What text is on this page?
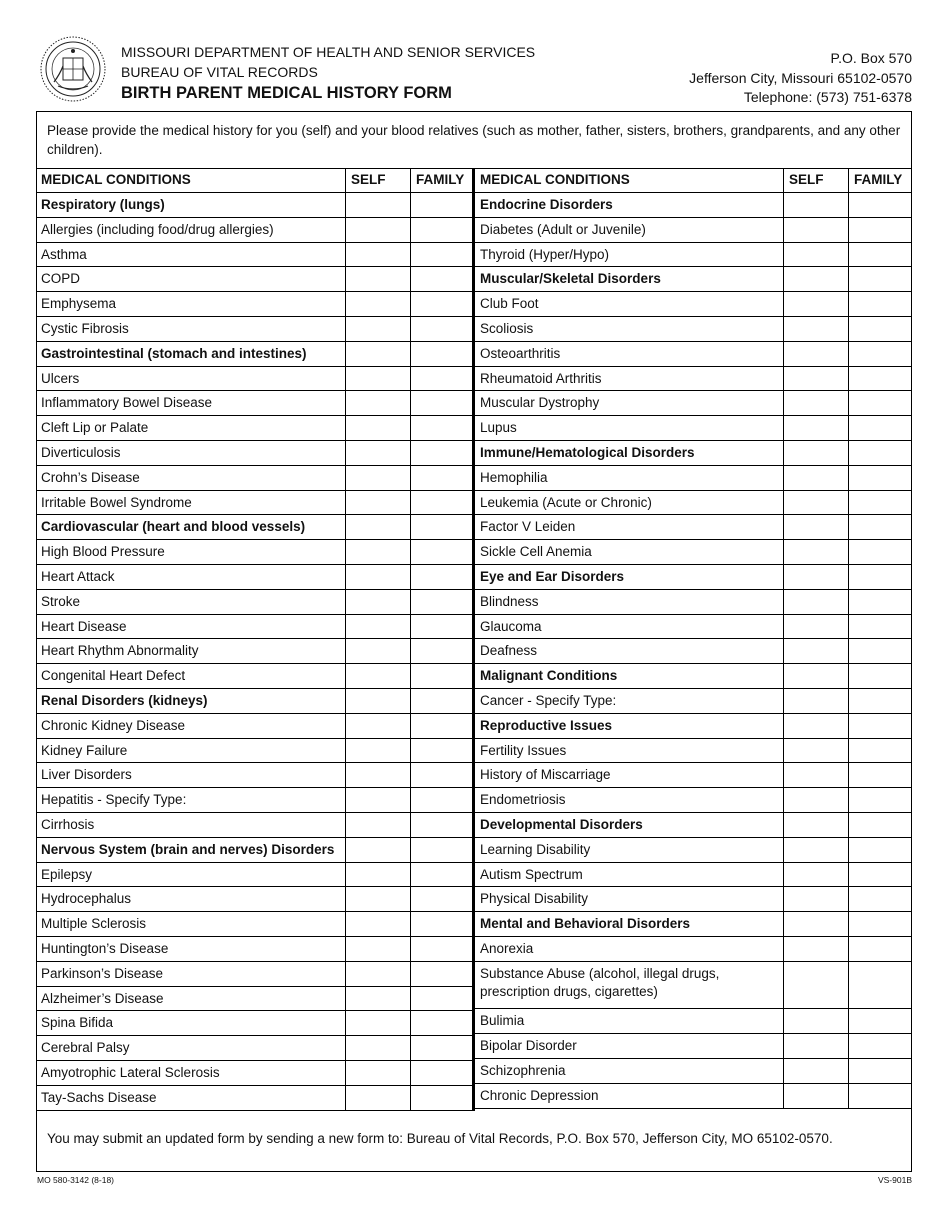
MISSOURI DEPARTMENT OF HEALTH AND SENIOR SERVICES
BUREAU OF VITAL RECORDS
BIRTH PARENT MEDICAL HISTORY FORM
P.O. Box 570
Jefferson City, Missouri 65102-0570
Telephone: (573) 751-6378
Please provide the medical history for you (self) and your blood relatives (such as mother, father, sisters, brothers, grandparents, and any other children).
MEDICAL CONDITIONS	SELF	FAMILY
Respiratory (lungs)
Allergies (including food/drug allergies)
Asthma
COPD
Emphysema
Cystic Fibrosis
Gastrointestinal (stomach and intestines)
Ulcers
Inflammatory Bowel Disease
Cleft Lip or Palate
Diverticulosis
Crohn’s Disease
Irritable Bowel Syndrome
Cardiovascular (heart and blood vessels)
High Blood Pressure
Heart Attack
Stroke
Heart Disease
Heart Rhythm Abnormality
Congenital Heart Defect
Renal Disorders (kidneys)
Chronic Kidney Disease
Kidney Failure
Liver Disorders
Hepatitis - Specify Type:
Cirrhosis
Nervous System (brain and nerves) Disorders
Epilepsy
Hydrocephalus
Multiple Sclerosis
Huntington’s Disease
Parkinson’s Disease
Alzheimer’s Disease
Spina Bifida
Cerebral Palsy
Amyotrophic Lateral Sclerosis
Tay-Sachs Disease
MEDICAL CONDITIONS	SELF	FAMILY
Endocrine Disorders
Diabetes (Adult or Juvenile)
Thyroid (Hyper/Hypo)
Muscular/Skeletal Disorders
Club Foot
Scoliosis
Osteoarthritis
Rheumatoid Arthritis
Muscular Dystrophy
Lupus
Immune/Hematological Disorders
Hemophilia
Leukemia (Acute or Chronic)
Factor V Leiden
Sickle Cell Anemia
Eye and Ear Disorders
Blindness
Glaucoma
Deafness
Malignant Conditions
Cancer - Specify Type:
Reproductive Issues
Fertility Issues
History of Miscarriage
Endometriosis
Developmental Disorders
Learning Disability
Autism Spectrum
Physical Disability
Mental and Behavioral Disorders
Anorexia
Substance Abuse (alcohol, illegal drugs, prescription drugs, cigarettes)
Bulimia
Bipolar Disorder
Schizophrenia
Chronic Depression
You may submit an updated form by sending a new form to: Bureau of Vital Records, P.O. Box 570, Jefferson City, MO 65102-0570.
MO 580-3142 (8-18)	VS-901B
